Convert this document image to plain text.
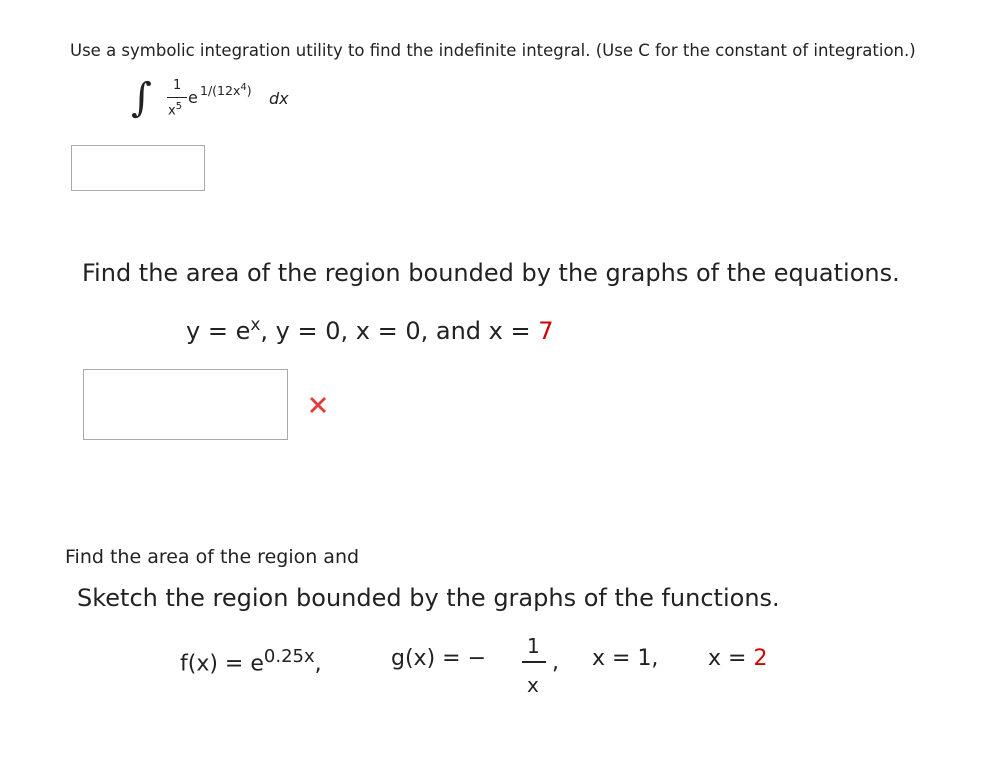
Use a symbolic integration utility to find the indefinite integral. (Use C for the constant of integration.)
∫ 1
$x^5$ e $1/(12x^4)$ dx
Find the area of the region bounded by the graphs of the equations.
$y = e^x$, y = 0, x = 0, and x = 7
Find the area of the region and
Sketch the region bounded by the graphs of the functions.
$f(x) = e^{0.25x}$,	g(x) = − 1
x
, x = 1, x = 2
